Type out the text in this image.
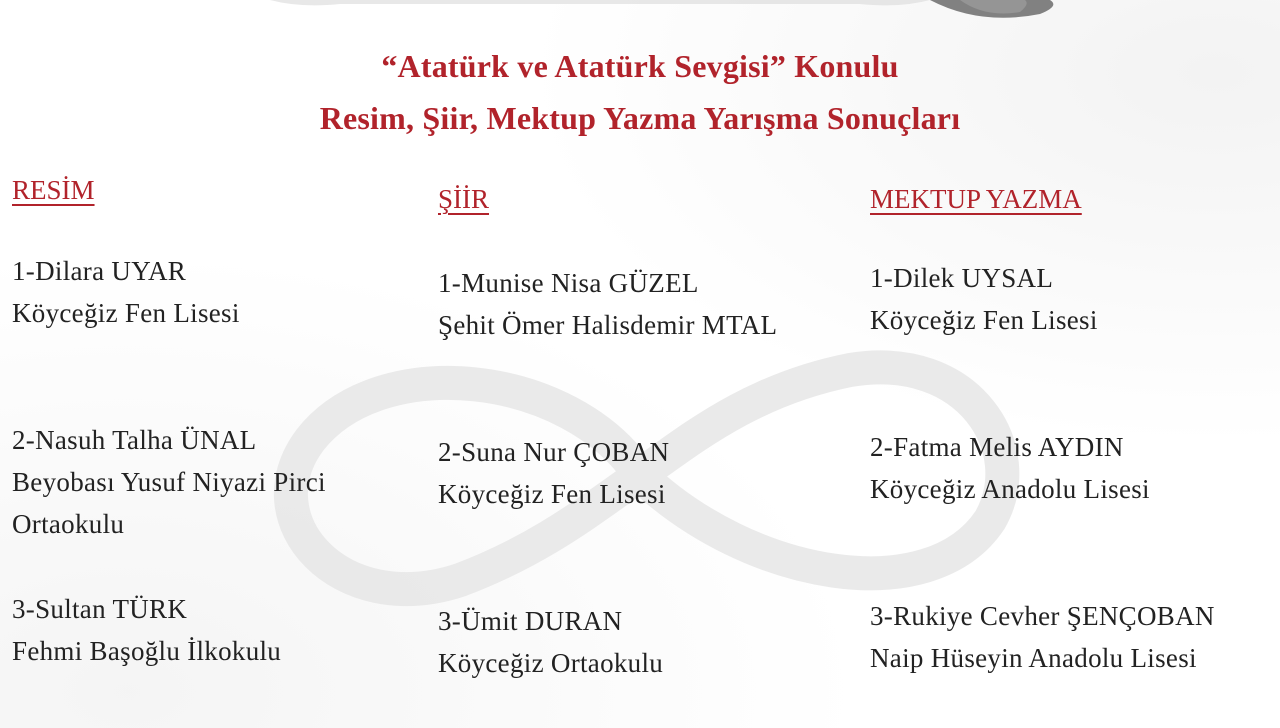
“Atatürk ve Atatürk Sevgisi” Konulu
Resim, Şiir, Mektup Yazma Yarışma Sonuçları
RESİM
1-Dilara UYAR
Köyceğiz Fen Lisesi
2-Nasuh Talha ÜNAL
Beyobası Yusuf Niyazi Pirci
Ortaokulu
3-Sultan TÜRK
Fehmi Başoğlu İlkokulu
ŞİİR
1-Munise Nisa GÜZEL
Şehit Ömer Halisdemir MTAL
2-Suna Nur ÇOBAN
Köyceğiz Fen Lisesi
3-Ümit DURAN
Köyceğiz Ortaokulu
MEKTUP YAZMA
1-Dilek UYSAL
Köyceğiz Fen Lisesi
2-Fatma Melis AYDIN
Köyceğiz Anadolu Lisesi
3-Rukiye Cevher ŞENÇOBAN
Naip Hüseyin Anadolu Lisesi
